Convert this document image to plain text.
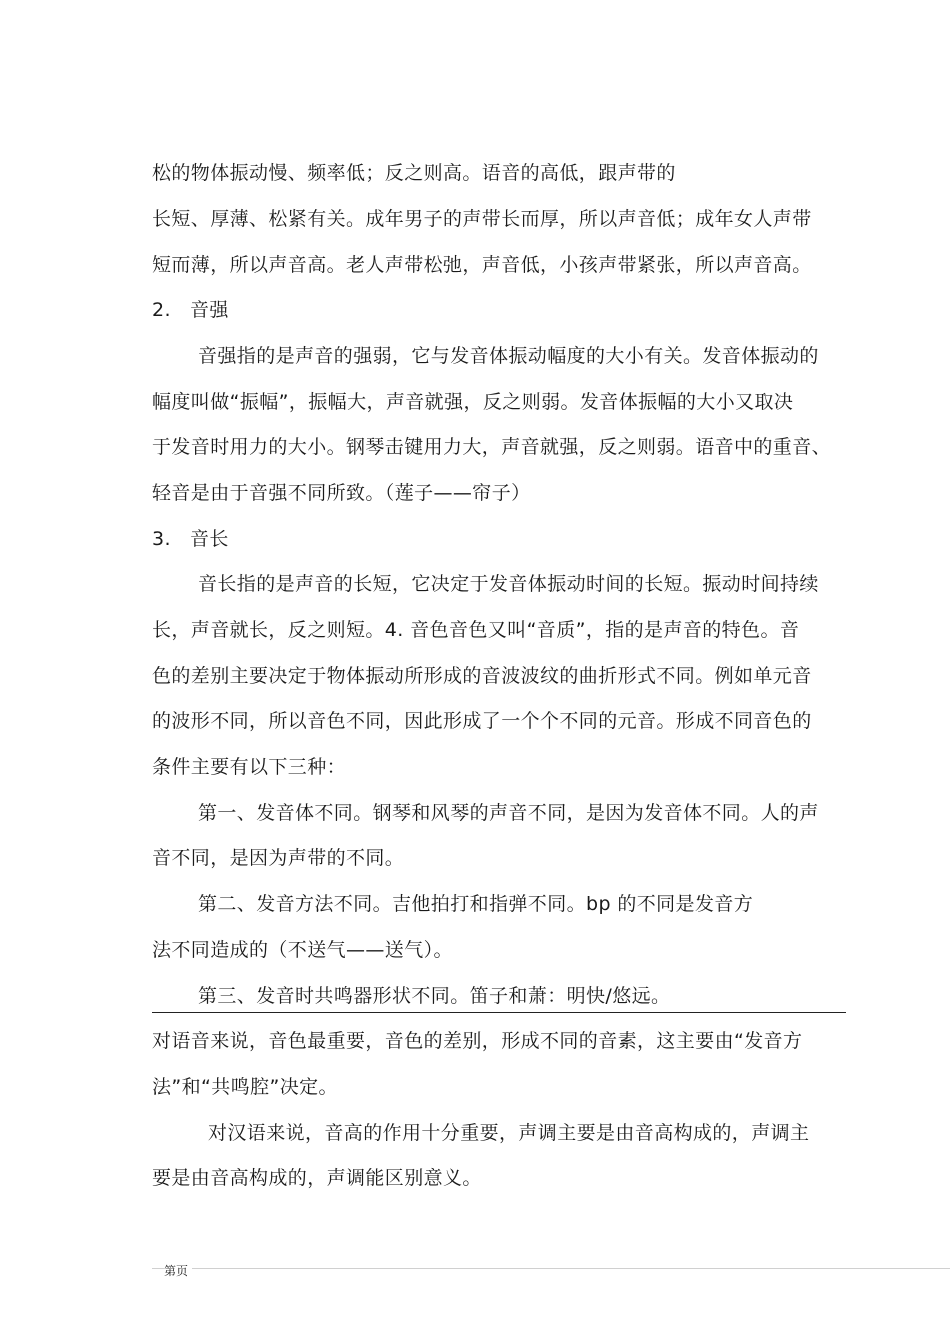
松的物体振动慢、频率低；反之则高。语音的高低，跟声带的

长短、厚薄、松紧有关。成年男子的声带长而厚，所以声音低；成年女人声带

短而薄，所以声音高。老人声带松弛，声音低，小孩声带紧张，所以声音高。

2. 音强

音强指的是声音的强弱，它与发音体振动幅度的大小有关。发音体振动的

幅度叫做“振幅”，振幅大，声音就强，反之则弱。发音体振幅的大小又取决

于发音时用力的大小。钢琴击键用力大，声音就强，反之则弱。语音中的重音、

轻音是由于音强不同所致。（莲子——帘子）

3. 音长

音长指的是声音的长短，它决定于发音体振动时间的长短。振动时间持续

长，声音就长，反之则短。4. 音色音色又叫“音质”，指的是声音的特色。音

色的差别主要决定于物体振动所形成的音波波纹的曲折形式不同。例如单元音

的波形不同，所以音色不同，因此形成了一个个不同的元音。形成不同音色的

条件主要有以下三种：

第一、发音体不同。钢琴和风琴的声音不同，是因为发音体不同。人的声

音不同，是因为声带的不同。

第二、发音方法不同。吉他拍打和指弹不同。bp 的不同是发音方

法不同造成的（不送气——送气）。

第三、发音时共鸣器形状不同。笛子和萧：明快/悠远。

对语音来说，音色最重要，音色的差别，形成不同的音素，这主要由“发音方

法”和“共鸣腔”决定。

对汉语来说，音高的作用十分重要，声调主要是由音高构成的，声调主

要是由音高构成的，声调能区别意义。

第页
